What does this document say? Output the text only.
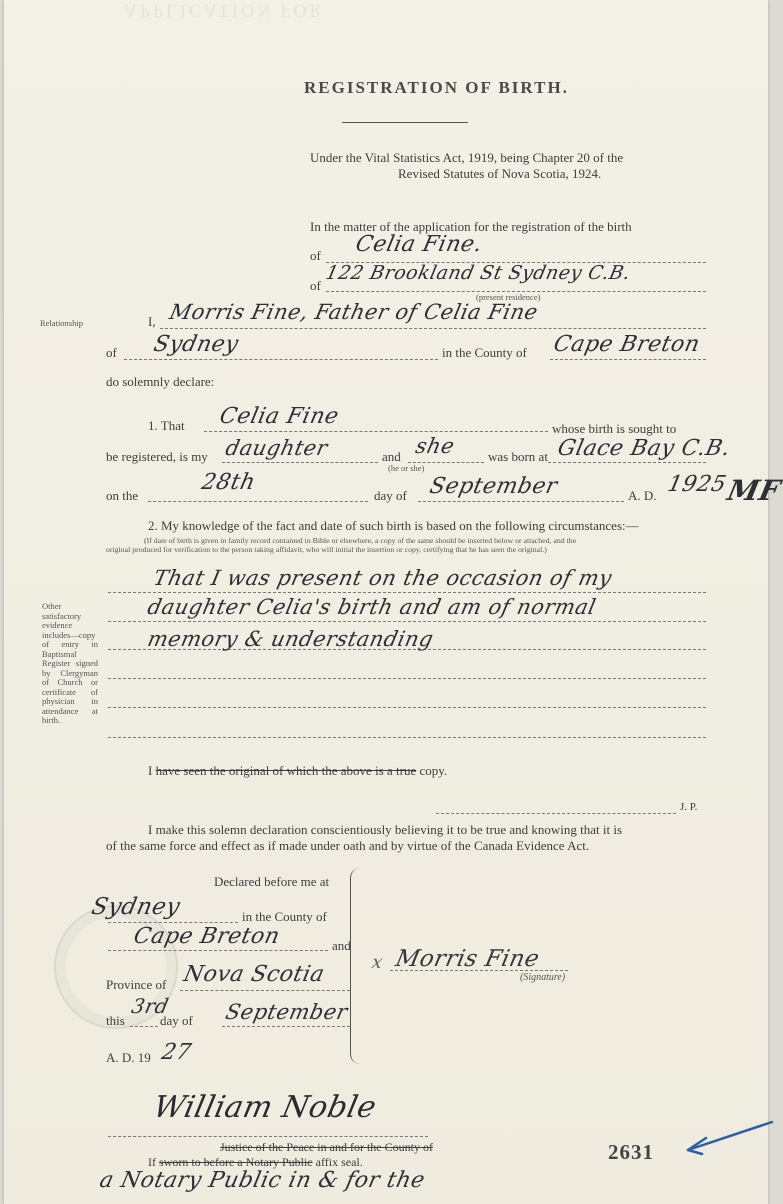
APPLICATION FOR
REGISTRATION OF BIRTH.
Under the Vital Statistics Act, 1919, being Chapter 20 of the
Revised Statutes of Nova Scotia, 1924.
In the matter of the application for the registration of the birth
of Celia Fine.
of
122 Brookland St Sydney C.B.
(present residence)
Relationship	I, Morris Fine, Father of Celia Fine
of Sydney	in the County of Cape Breton
do solemnly declare:
1. That Celia Fine	whose birth is sought to
be registered, is my daughter	and she
(he or she)
was born at Glace Bay C.B.
on the
28th
day of September	A. D. 1925
MF
2. My knowledge of the fact and date of such birth is based on the following circumstances:—
(If date of birth is given in family record contained in Bible or elsewhere, a copy of the same should be inserted below or attached, and the
original produced for verification to the person taking affidavit, who will initial the insertion or copy, certifying that he has seen the original.)
Other satisfactory evidence includes—copy of entry in Baptismal Register signed by Clergyman of Church or certificate of physician in attendance at birth.
That I was present on the occasion of my
daughter Celia's birth and am of normal
memory & understanding
I have seen the original of which the above is a true copy.
J. P.
I make this solemn declaration conscientiously believing it to be true and knowing that it is
of the same force and effect as if made under oath and by virtue of the Canada Evidence Act.
Declared before me at
Sydney	in the County of
Cape Breton	and
Province of Nova Scotia
this
3rd
day of September
A. D. 19 27
x Morris Fine
(Signature)
William Noble
Justice of the Peace in and for the County of
If sworn to before a Notary Public affix seal.	2631
a Notary Public in & for the
